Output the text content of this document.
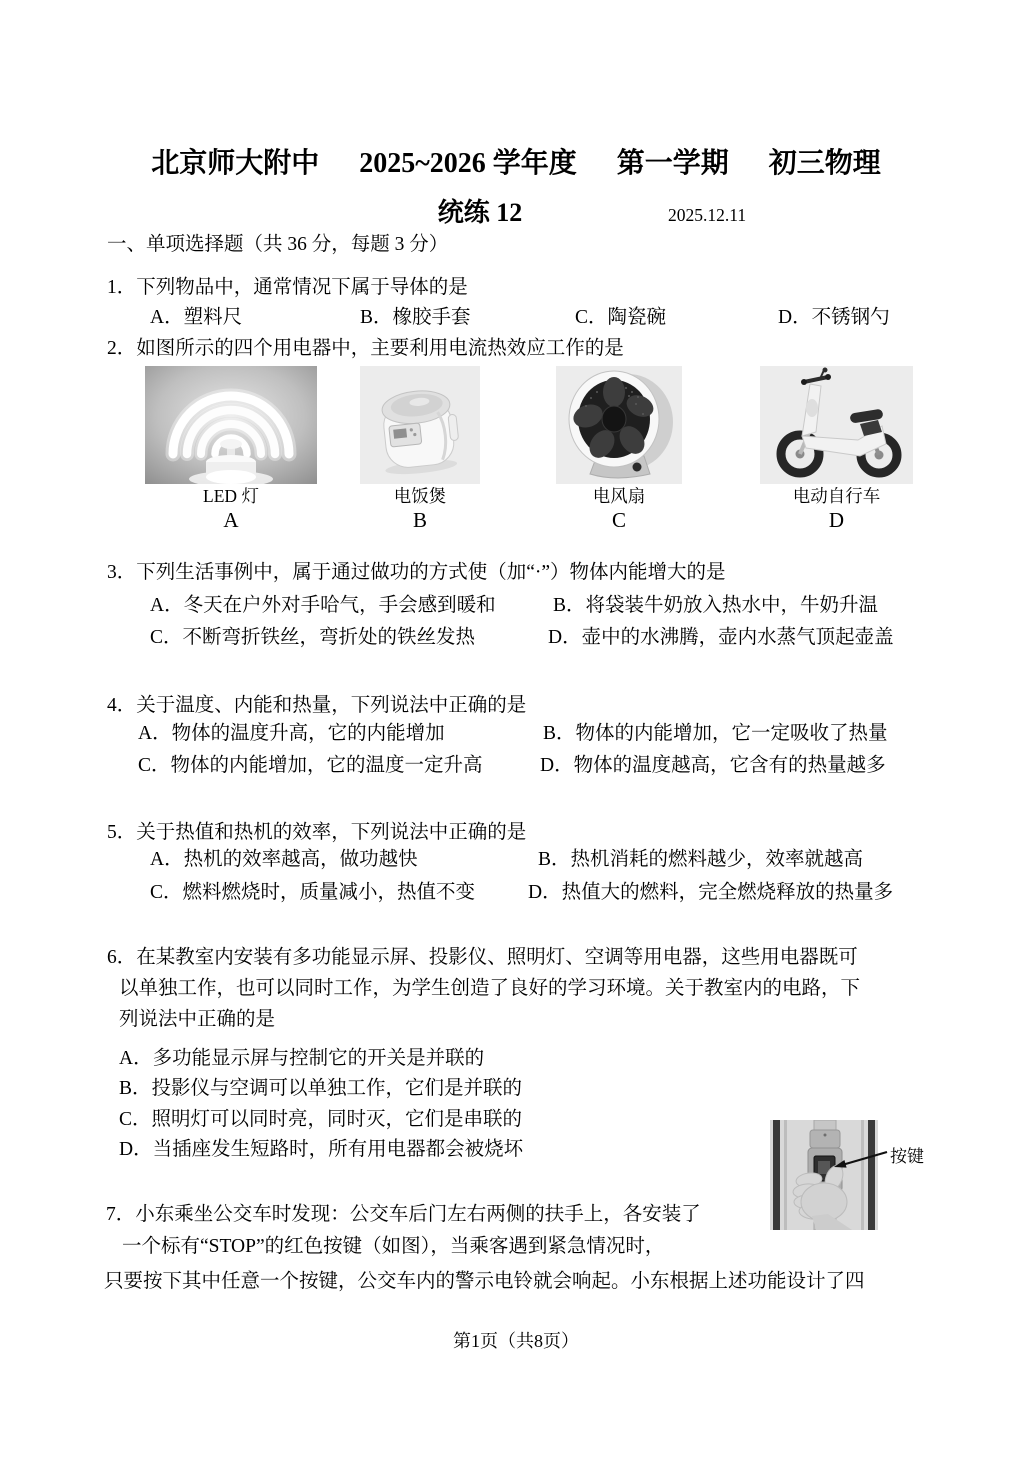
北京师大附中 2025~2026 学年度 第一学期 初三物理
统练 12	2025.12.11
一、单项选择题（共 36 分，每题 3 分）
1．下列物品中，通常情况下属于导体的是
A．塑料尺	B．橡胶手套	C．陶瓷碗	D．不锈钢勺
2．如图所示的四个用电器中，主要利用电流热效应工作的是
LED 灯
A
电饭煲
B
电风扇
C
电动自行车
D
3．下列生活事例中，属于通过做功的方式使（加“·”）物体内能增大的是
A．冬天在户外对手哈气，手会感到暖和	B．将袋装牛奶放入热水中，牛奶升温
C．不断弯折铁丝，弯折处的铁丝发热	D．壶中的水沸腾，壶内水蒸气顶起壶盖
4．关于温度、内能和热量，下列说法中正确的是
A．物体的温度升高，它的内能增加	B．物体的内能增加，它一定吸收了热量
C．物体的内能增加，它的温度一定升高	D．物体的温度越高，它含有的热量越多
5．关于热值和热机的效率，下列说法中正确的是
A．热机的效率越高，做功越快	B．热机消耗的燃料越少，效率就越高
C．燃料燃烧时，质量减小，热值不变	D．热值大的燃料，完全燃烧释放的热量多
6．在某教室内安装有多功能显示屏、投影仪、照明灯、空调等用电器，这些用电器既可
以单独工作，也可以同时工作，为学生创造了良好的学习环境。关于教室内的电路，下
列说法中正确的是
A．多功能显示屏与控制它的开关是并联的
B．投影仪与空调可以单独工作，它们是并联的
C．照明灯可以同时亮，同时灭，它们是串联的
D．当插座发生短路时，所有用电器都会被烧坏	按键
7．小东乘坐公交车时发现：公交车后门左右两侧的扶手上，各安装了
一个标有“STOP”的红色按键（如图），当乘客遇到紧急情况时，
只要按下其中任意一个按键，公交车内的警示电铃就会响起。小东根据上述功能设计了四
第1页（共8页）
